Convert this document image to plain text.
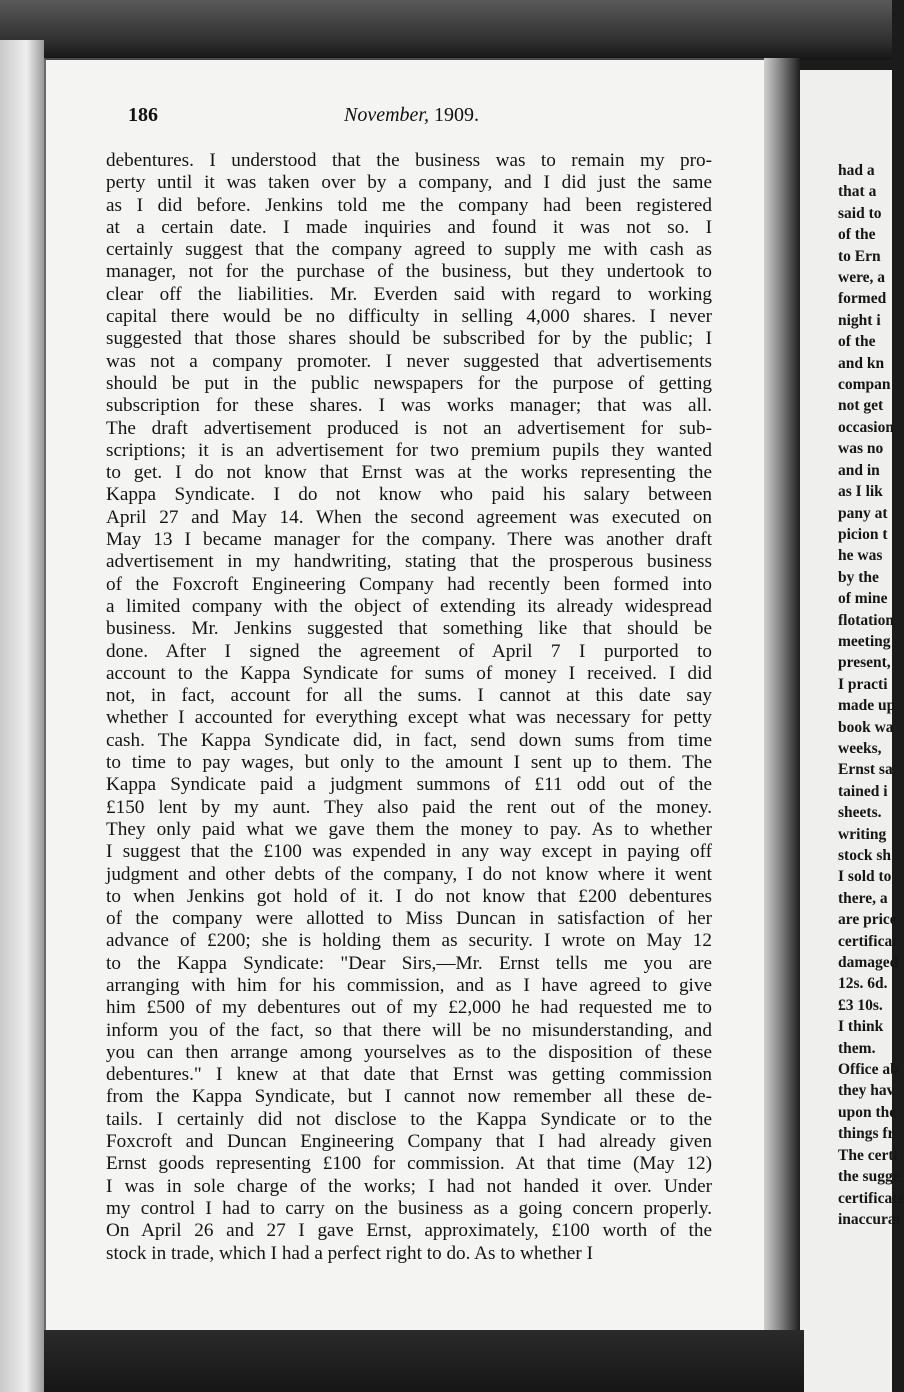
186	November, 1909.
debentures. I understood that the business was to remain my pro-
perty until it was taken over by a company, and I did just the same
as I did before. Jenkins told me the company had been registered
at a certain date. I made inquiries and found it was not so. I
certainly suggest that the company agreed to supply me with cash as
manager, not for the purchase of the business, but they undertook to
clear off the liabilities. Mr. Everden said with regard to working
capital there would be no difficulty in selling 4,000 shares. I never
suggested that those shares should be subscribed for by the public; I
was not a company promoter. I never suggested that advertisements
should be put in the public newspapers for the purpose of getting
subscription for these shares. I was works manager; that was all.
The draft advertisement produced is not an advertisement for sub-
scriptions; it is an advertisement for two premium pupils they wanted
to get. I do not know that Ernst was at the works representing the
Kappa Syndicate. I do not know who paid his salary between
April 27 and May 14. When the second agreement was executed on
May 13 I became manager for the company. There was another draft
advertisement in my handwriting, stating that the prosperous business
of the Foxcroft Engineering Company had recently been formed into
a limited company with the object of extending its already widespread
business. Mr. Jenkins suggested that something like that should be
done. After I signed the agreement of April 7 I purported to
account to the Kappa Syndicate for sums of money I received. I did
not, in fact, account for all the sums. I cannot at this date say
whether I accounted for everything except what was necessary for petty
cash. The Kappa Syndicate did, in fact, send down sums from time
to time to pay wages, but only to the amount I sent up to them. The
Kappa Syndicate paid a judgment summons of £11 odd out of the
£150 lent by my aunt. They also paid the rent out of the money.
They only paid what we gave them the money to pay. As to whether
I suggest that the £100 was expended in any way except in paying off
judgment and other debts of the company, I do not know where it went
to when Jenkins got hold of it. I do not know that £200 debentures
of the company were allotted to Miss Duncan in satisfaction of her
advance of £200; she is holding them as security. I wrote on May 12
to the Kappa Syndicate: "Dear Sirs,—Mr. Ernst tells me you are
arranging with him for his commission, and as I have agreed to give
him £500 of my debentures out of my £2,000 he had requested me to
inform you of the fact, so that there will be no misunderstanding, and
you can then arrange among yourselves as to the disposition of these
debentures." I knew at that date that Ernst was getting commission
from the Kappa Syndicate, but I cannot now remember all these de-
tails. I certainly did not disclose to the Kappa Syndicate or to the
Foxcroft and Duncan Engineering Company that I had already given
Ernst goods representing £100 for commission. At that time (May 12)
I was in sole charge of the works; I had not handed it over. Under
my control I had to carry on the business as a going concern properly.
On April 26 and 27 I gave Ernst, approximately, £100 worth of the
stock in trade, which I had a perfect right to do. As to whether I
had a
that a
said to
of the
to Ern
were, a
formed
night i
of the
and kn
compan
not get
occasion
was no
and in
as I lik
pany at
picion t
he was
by the
of mine
flotation
meeting
present,
I practi
made up
book wa
weeks,
Ernst sa
tained i
sheets.
writing
stock sh
I sold to
there, a
are price
certificat
damaged
12s. 6d.
£3 10s.
I think
them.
Office ab
they hav
upon the
things fr
The certi
the sugge
certificate
inaccurat
